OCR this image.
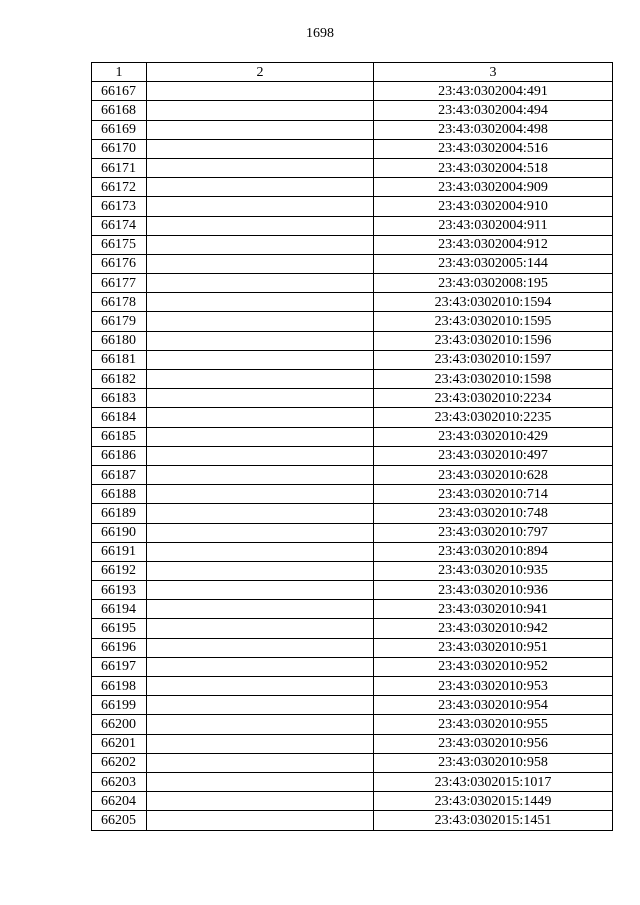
1698
1	2	3
66167		23:43:0302004:491
66168		23:43:0302004:494
66169		23:43:0302004:498
66170		23:43:0302004:516
66171		23:43:0302004:518
66172		23:43:0302004:909
66173		23:43:0302004:910
66174		23:43:0302004:911
66175		23:43:0302004:912
66176		23:43:0302005:144
66177		23:43:0302008:195
66178		23:43:0302010:1594
66179		23:43:0302010:1595
66180		23:43:0302010:1596
66181		23:43:0302010:1597
66182		23:43:0302010:1598
66183		23:43:0302010:2234
66184		23:43:0302010:2235
66185		23:43:0302010:429
66186		23:43:0302010:497
66187		23:43:0302010:628
66188		23:43:0302010:714
66189		23:43:0302010:748
66190		23:43:0302010:797
66191		23:43:0302010:894
66192		23:43:0302010:935
66193		23:43:0302010:936
66194		23:43:0302010:941
66195		23:43:0302010:942
66196		23:43:0302010:951
66197		23:43:0302010:952
66198		23:43:0302010:953
66199		23:43:0302010:954
66200		23:43:0302010:955
66201		23:43:0302010:956
66202		23:43:0302010:958
66203		23:43:0302015:1017
66204		23:43:0302015:1449
66205		23:43:0302015:1451
